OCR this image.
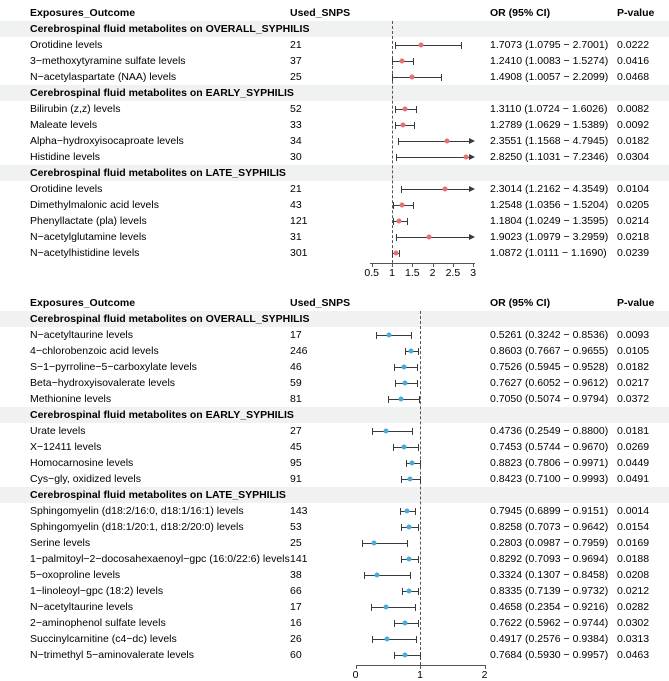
Exposures_Outcome	Used_SNPS	OR (95% CI)	P-value
Cerebrospinal fluid metabolites on OVERALL_SYPHILIS
Orotidine levels	21	1.7073 (1.0795 − 2.7001) 0.0222
3−methoxytyramine sulfate levels	37	1.2410 (1.0083 − 1.5274) 0.0416
N−acetylaspartate (NAA) levels	25	1.4908 (1.0057 − 2.2099) 0.0468
Cerebrospinal fluid metabolites on EARLY_SYPHILIS
Bilirubin (z,z) levels	52	1.3110 (1.0724 − 1.6026) 0.0082
Maleate levels	33	1.2789 (1.0629 − 1.5389) 0.0092
Alpha−hydroxyisocaproate levels	34	2.3551 (1.1568 − 4.7945) 0.0182
Histidine levels	30	2.8250 (1.1031 − 7.2346) 0.0304
Cerebrospinal fluid metabolites on LATE_SYPHILIS
Orotidine levels	21	2.3014 (1.2162 − 4.3549) 0.0104
Dimethylmalonic acid levels	43	1.2548 (1.0356 − 1.5204) 0.0205
Phenyllactate (pla) levels	121	1.1804 (1.0249 − 1.3595) 0.0214
N−acetylglutamine levels	31	1.9023 (1.0979 − 3.2959) 0.0218
N−acetylhistidine levels	301	1.0872 (1.0111 − 1.1690) 0.0239
0.5 1 1.5 2 2.5 3
Exposures_Outcome	Used_SNPS	OR (95% CI)	P-value
Cerebrospinal fluid metabolites on OVERALL_SYPHILIS
N−acetyltaurine levels	17	0.5261 (0.3242 − 0.8536) 0.0093
4−chlorobenzoic acid levels	246	0.8603 (0.7667 − 0.9655) 0.0105
S−1−pyrroline−5−carboxylate levels	46	0.7526 (0.5945 − 0.9528) 0.0182
Beta−hydroxyisovalerate levels	59	0.7627 (0.6052 − 0.9612) 0.0217
Methionine levels	81	0.7050 (0.5074 − 0.9794) 0.0372
Cerebrospinal fluid metabolites on EARLY_SYPHILIS
Urate levels	27	0.4736 (0.2549 − 0.8800) 0.0181
X−12411 levels	45	0.7453 (0.5744 − 0.9670) 0.0269
Homocarnosine levels	95	0.8823 (0.7806 − 0.9971) 0.0449
Cys−gly, oxidized levels	91	0.8423 (0.7100 − 0.9993) 0.0491
Cerebrospinal fluid metabolites on LATE_SYPHILIS
Sphingomyelin (d18:2/16:0, d18:1/16:1) levels	143	0.7945 (0.6899 − 0.9151) 0.0014
Sphingomyelin (d18:1/20:1, d18:2/20:0) levels	53	0.8258 (0.7073 − 0.9642) 0.0154
Serine levels	25	0.2803 (0.0987 − 0.7959) 0.0169
1−palmitoyl−2−docosahexaenoyl−gpc (16:0/22:6) levels 141	0.8292 (0.7093 − 0.9694) 0.0188
5−oxoproline levels	38	0.3324 (0.1307 − 0.8458) 0.0208
1−linoleoyl−gpc (18:2) levels	66	0.8335 (0.7139 − 0.9732) 0.0212
N−acetyltaurine levels	17	0.4658 (0.2354 − 0.9216) 0.0282
2−aminophenol sulfate levels	16	0.7622 (0.5962 − 0.9744) 0.0302
Succinylcarnitine (c4−dc) levels	26	0.4917 (0.2576 − 0.9384) 0.0313
N−trimethyl 5−aminovalerate levels	60	0.7684 (0.5930 − 0.9957) 0.0463
0	1	2
